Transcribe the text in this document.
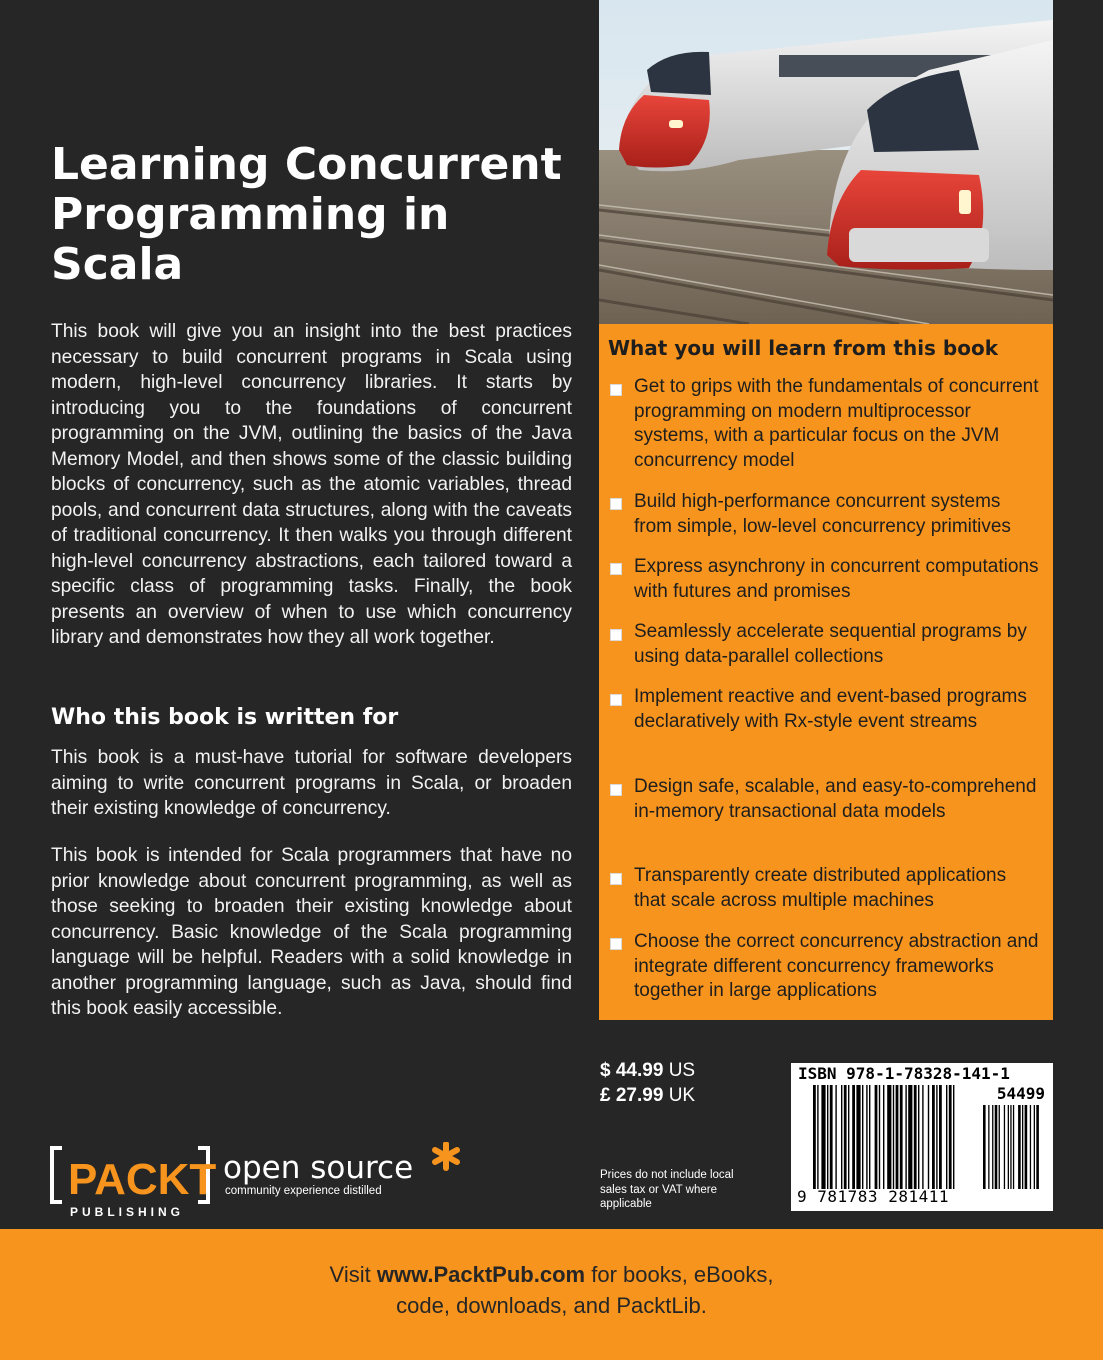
Learning Concurrent
Programming in Scala

This book will give you an insight into the best practices necessary to build concurrent programs in Scala using modern, high-level concurrency libraries. It starts by introducing you to the foundations of concurrent programming on the JVM, outlining the basics of the Java Memory Model, and then shows some of the classic building blocks of concurrency, such as the atomic variables, thread pools, and concurrent data structures, along with the caveats of traditional concurrency. It then walks you through different high-level concurrency abstractions, each tailored toward a specific class of programming tasks. Finally, the book presents an overview of when to use which concurrency library and demonstrates how they all work together.

Who this book is written for

This book is a must-have tutorial for software developers aiming to write concurrent programs in Scala, or broaden their existing knowledge of concurrency.

This book is intended for Scala programmers that have no prior knowledge about concurrent programming, as well as those seeking to broaden their existing knowledge about concurrency. Basic knowledge of the Scala programming language will be helpful. Readers with a solid knowledge in another programming language, such as Java, should find this book easily accessible.

What you will learn from this book
Get to grips with the fundamentals of concurrent programming on modern multiprocessor systems, with a particular focus on the JVM concurrency model
Build high-performance concurrent systems from simple, low-level concurrency primitives
Express asynchrony in concurrent computations with futures and promises
Seamlessly accelerate sequential programs by using data-parallel collections
Implement reactive and event-based programs declaratively with Rx-style event streams
Design safe, scalable, and easy-to-comprehend in-memory transactional data models
Transparently create distributed applications that scale across multiple machines
Choose the correct concurrency abstraction and integrate different concurrency frameworks together in large applications
$ 44.99 US
£ 27.99 UK
Prices do not include local sales tax or VAT where applicable

ISBN 978-1-78328-141-1

54499

9 781783 281411

PACKT
PUBLISHING
open source
community experience distilled
Visit www.PacktPub.com for books, eBooks,
code, downloads, and PacktLib.
